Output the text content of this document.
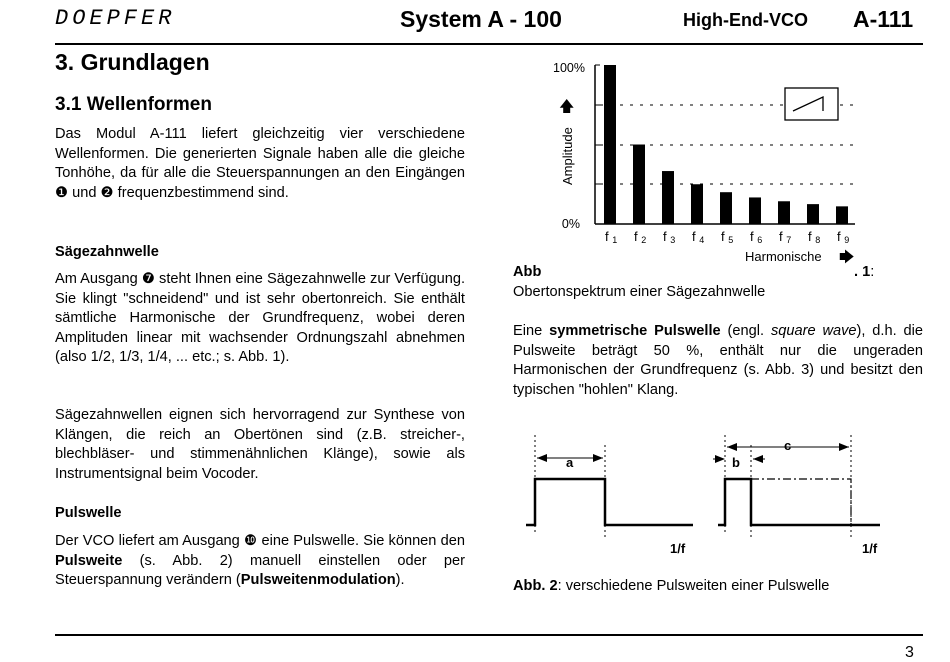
DOEPFER	System A - 100	High-End-VCO A-111
3. Grundlagen
3.1 Wellenformen
Das Modul A-111 liefert gleichzeitig vier verschiedene Wellenformen. Die generierten Signale haben alle die gleiche Tonhöhe, da für alle die Steuerspannungen an den Eingängen ❶ und ❷ frequenzbestimmend sind.
Sägezahnwelle
Am Ausgang ❼ steht Ihnen eine Sägezahnwelle zur Verfügung. Sie klingt "schneidend" und ist sehr obertonreich. Sie enthält sämtliche Harmonische der Grundfrequenz, wobei deren Amplituden linear mit wachsender Ordnungszahl abnehmen (also 1/2, 1/3, 1/4, ... etc.; s. Abb. 1).
Sägezahnwellen eignen sich hervorragend zur Synthese von Klängen, die reich an Obertönen sind (z.B. streicher-, blechbläser- und stimmenähnlichen Klänge), sowie als Instrumentsignal beim Vocoder.
Pulswelle
Der VCO liefert am Ausgang ❿ eine Pulswelle. Sie können den Pulsweite (s. Abb. 2) manuell einstellen oder per Steuerspannung verändern (Pulsweitenmodulation).
100%
0%
Amplitude
🡅
f 1 f 2 f 3 f 4 f 5 f 6 f 7 f 8 f 9
Harmonische 🡆
Abb	. 1:

Obertonspektrum einer Sägezahnwelle
Eine symmetrische Pulswelle (engl. square wave), d.h. die Pulsweite beträgt 50 %, enthält nur die ungeraden Harmonischen der Grundfrequenz (s. Abb. 3) und besitzt den typischen "hohlen" Klang.
a
1/f
c
b
1/f
Abb. 2: verschiedene Pulsweiten einer Pulswelle
3
